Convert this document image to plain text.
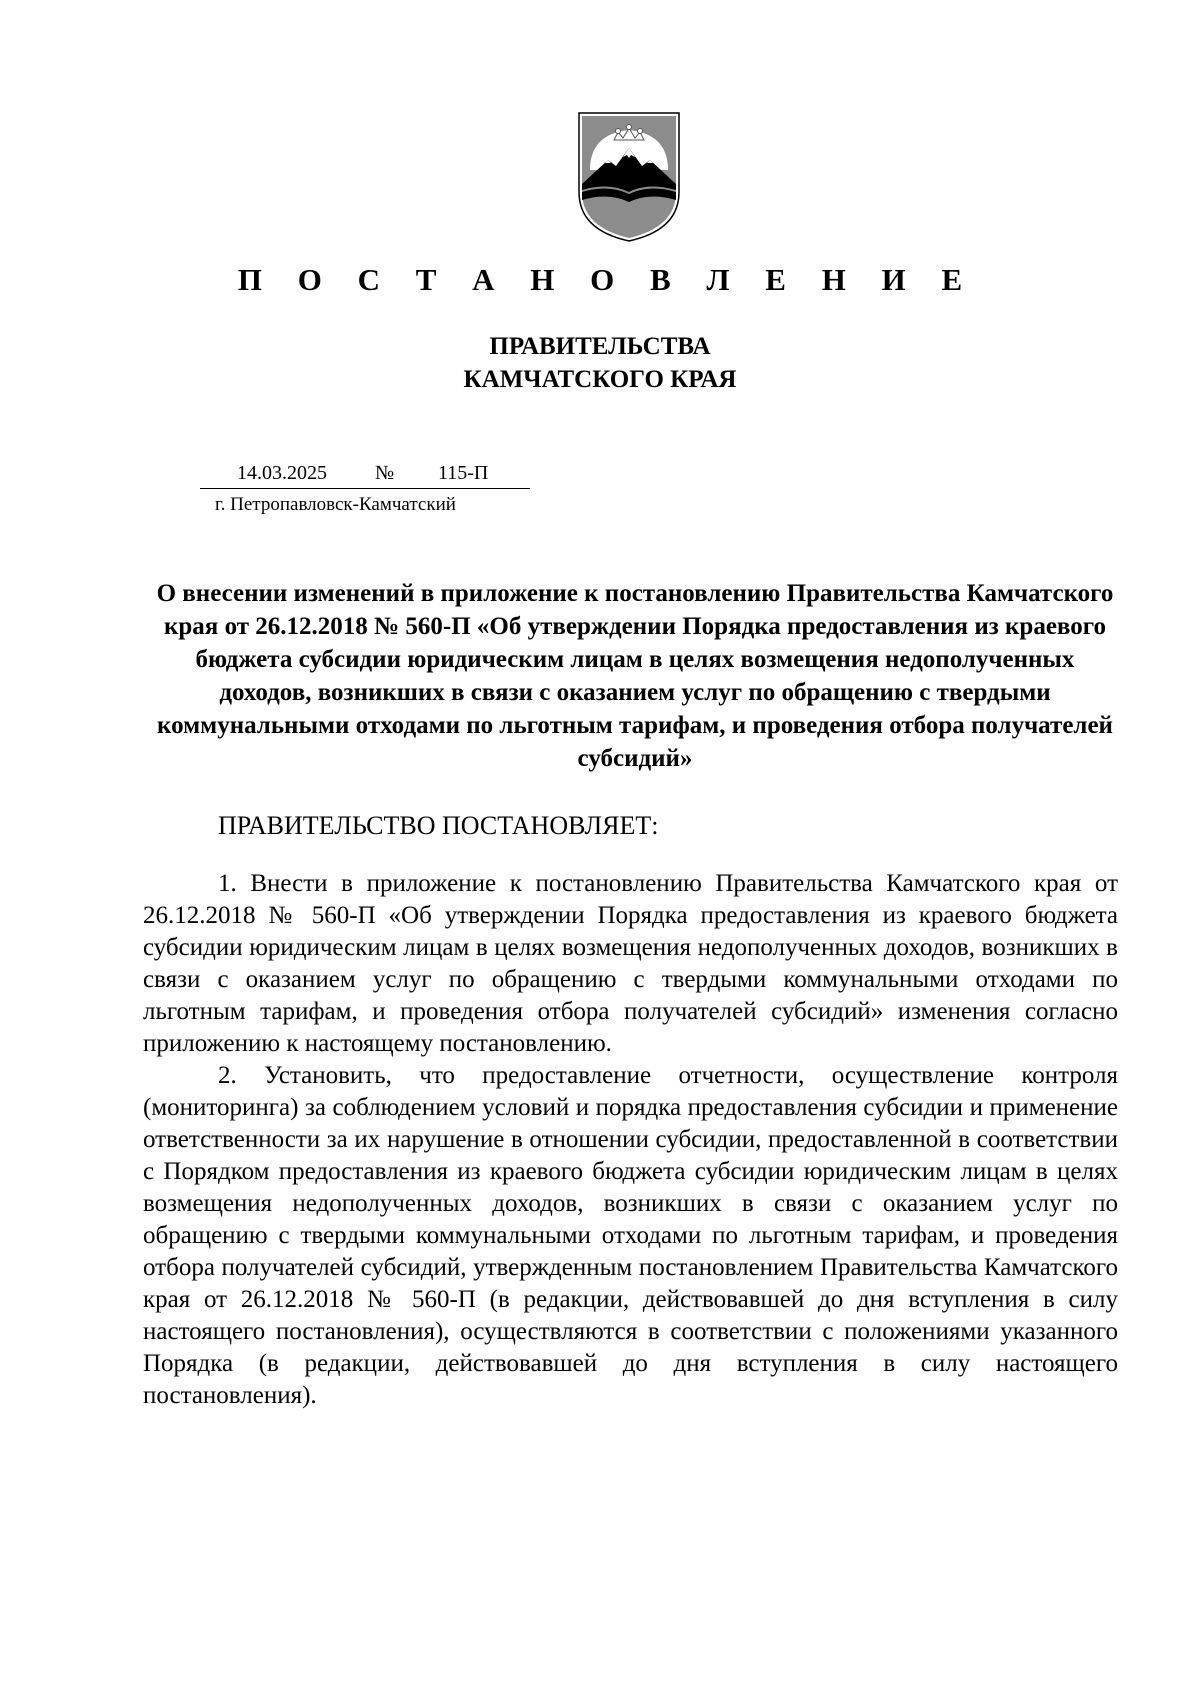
П О С Т А Н О В Л Е Н И Е
ПРАВИТЕЛЬСТВА
КАМЧАТСКОГО КРАЯ
14.03.2025 № 115-П
г. Петропавловск-Камчатский
О внесении изменений в приложение к постановлению Правительства Камчатского края от 26.12.2018 № 560-П «Об утверждении Порядка предоставления из краевого бюджета субсидии юридическим лицам в целях возмещения недополученных доходов, возникших в связи с оказанием услуг по обращению с твердыми коммунальными отходами по льготным тарифам, и проведения отбора получателей субсидий»
ПРАВИТЕЛЬСТВО ПОСТАНОВЛЯЕТ:

1. Внести в приложение к постановлению Правительства Камчатского края от 26.12.2018 № 560-П «Об утверждении Порядка предоставления из краевого бюджета субсидии юридическим лицам в целях возмещения недополученных доходов, возникших в связи с оказанием услуг по обращению с твердыми коммунальными отходами по льготным тарифам, и проведения отбора получателей субсидий» изменения согласно приложению к настоящему постановлению.

2. Установить, что предоставление отчетности, осуществление контроля (мониторинга) за соблюдением условий и порядка предоставления субсидии и применение ответственности за их нарушение в отношении субсидии, предоставленной в соответствии с Порядком предоставления из краевого бюджета субсидии юридическим лицам в целях возмещения недополученных доходов, возникших в связи с оказанием услуг по обращению с твердыми коммунальными отходами по льготным тарифам, и проведения отбора получателей субсидий, утвержденным постановлением Правительства Камчатского края от 26.12.2018 № 560-П (в редакции, действовавшей до дня вступления в силу настоящего постановления), осуществляются в соответствии с положениями указанного Порядка (в редакции, действовавшей до дня вступления в силу настоящего постановления).
